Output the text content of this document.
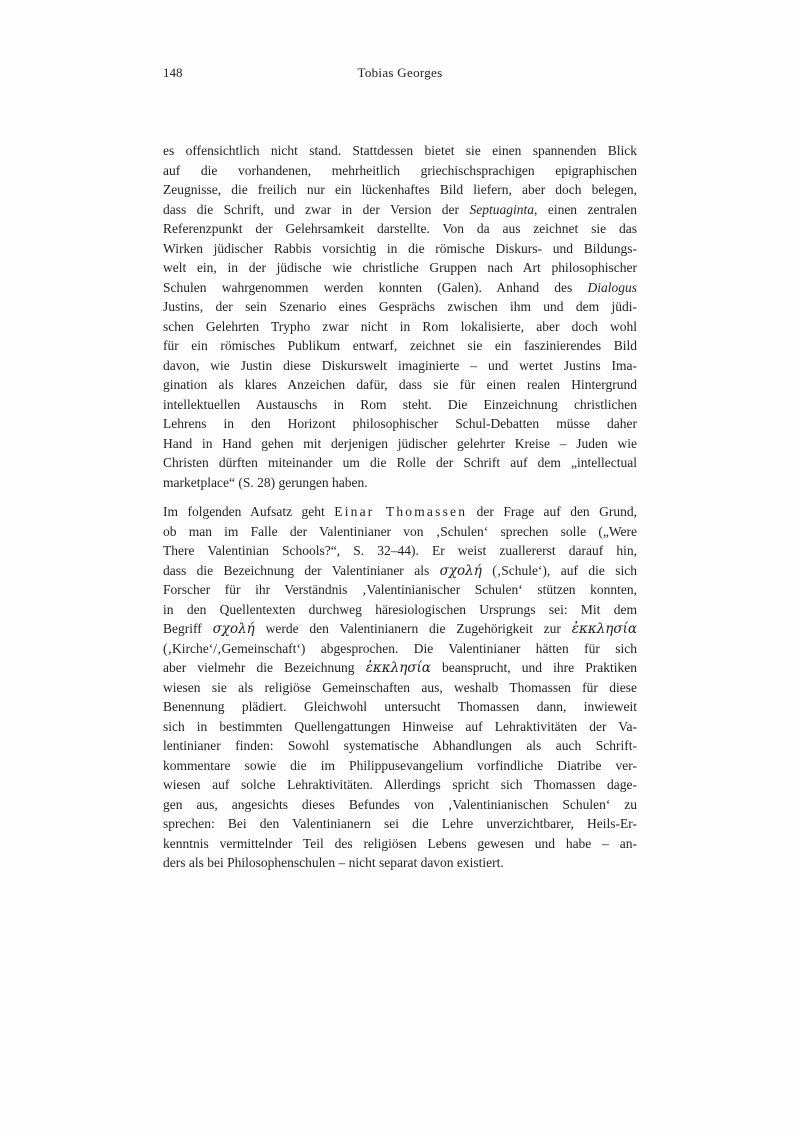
148	Tobias Georges
es offensichtlich nicht stand. Stattdessen bietet sie einen spannenden Blick
auf die vorhandenen, mehrheitlich griechischsprachigen epigraphischen
Zeugnisse, die freilich nur ein lückenhaftes Bild liefern, aber doch belegen,
dass die Schrift, und zwar in der Version der Septuaginta, einen zentralen
Referenzpunkt der Gelehrsamkeit darstellte. Von da aus zeichnet sie das
Wirken jüdischer Rabbis vorsichtig in die römische Diskurs- und Bildungs-
welt ein, in der jüdische wie christliche Gruppen nach Art philosophischer
Schulen wahrgenommen werden konnten (Galen). Anhand des Dialogus
Justins, der sein Szenario eines Gesprächs zwischen ihm und dem jüdi-
schen Gelehrten Trypho zwar nicht in Rom lokalisierte, aber doch wohl
für ein römisches Publikum entwarf, zeichnet sie ein faszinierendes Bild
davon, wie Justin diese Diskurswelt imaginierte – und wertet Justins Ima-
gination als klares Anzeichen dafür, dass sie für einen realen Hintergrund
intellektuellen Austauschs in Rom steht. Die Einzeichnung christlichen
Lehrens in den Horizont philosophischer Schul-Debatten müsse daher
Hand in Hand gehen mit derjenigen jüdischer gelehrter Kreise – Juden wie
Christen dürften miteinander um die Rolle der Schrift auf dem „intellectual
marketplace“ (S. 28) gerungen haben.
Im folgenden Aufsatz geht Einar Thomassen der Frage auf den Grund,
ob man im Falle der Valentinianer von ‚Schulen‘ sprechen solle („Were
There Valentinian Schools?“, S. 32–44). Er weist zuallererst darauf hin,
dass die Bezeichnung der Valentinianer als σχολή (‚Schule‘), auf die sich
Forscher für ihr Verständnis ‚Valentinianischer Schulen‘ stützen konnten,
in den Quellentexten durchweg häresiologischen Ursprungs sei: Mit dem
Begriff σχολή werde den Valentinianern die Zugehörigkeit zur ἐκκλησία
(‚Kirche‘/‚Gemeinschaft‘) abgesprochen. Die Valentinianer hätten für sich
aber vielmehr die Bezeichnung ἐκκλησία beansprucht, und ihre Praktiken
wiesen sie als religiöse Gemeinschaften aus, weshalb Thomassen für diese
Benennung plädiert. Gleichwohl untersucht Thomassen dann, inwieweit
sich in bestimmten Quellengattungen Hinweise auf Lehraktivitäten der Va-
lentinianer finden: Sowohl systematische Abhandlungen als auch Schrift-
kommentare sowie die im Philippusevangelium vorfindliche Diatribe ver-
wiesen auf solche Lehraktivitäten. Allerdings spricht sich Thomassen dage-
gen aus, angesichts dieses Befundes von ‚Valentinianischen Schulen‘ zu
sprechen: Bei den Valentinianern sei die Lehre unverzichtbarer, Heils-Er-
kenntnis vermittelnder Teil des religiösen Lebens gewesen und habe – an-
ders als bei Philosophenschulen – nicht separat davon existiert.
